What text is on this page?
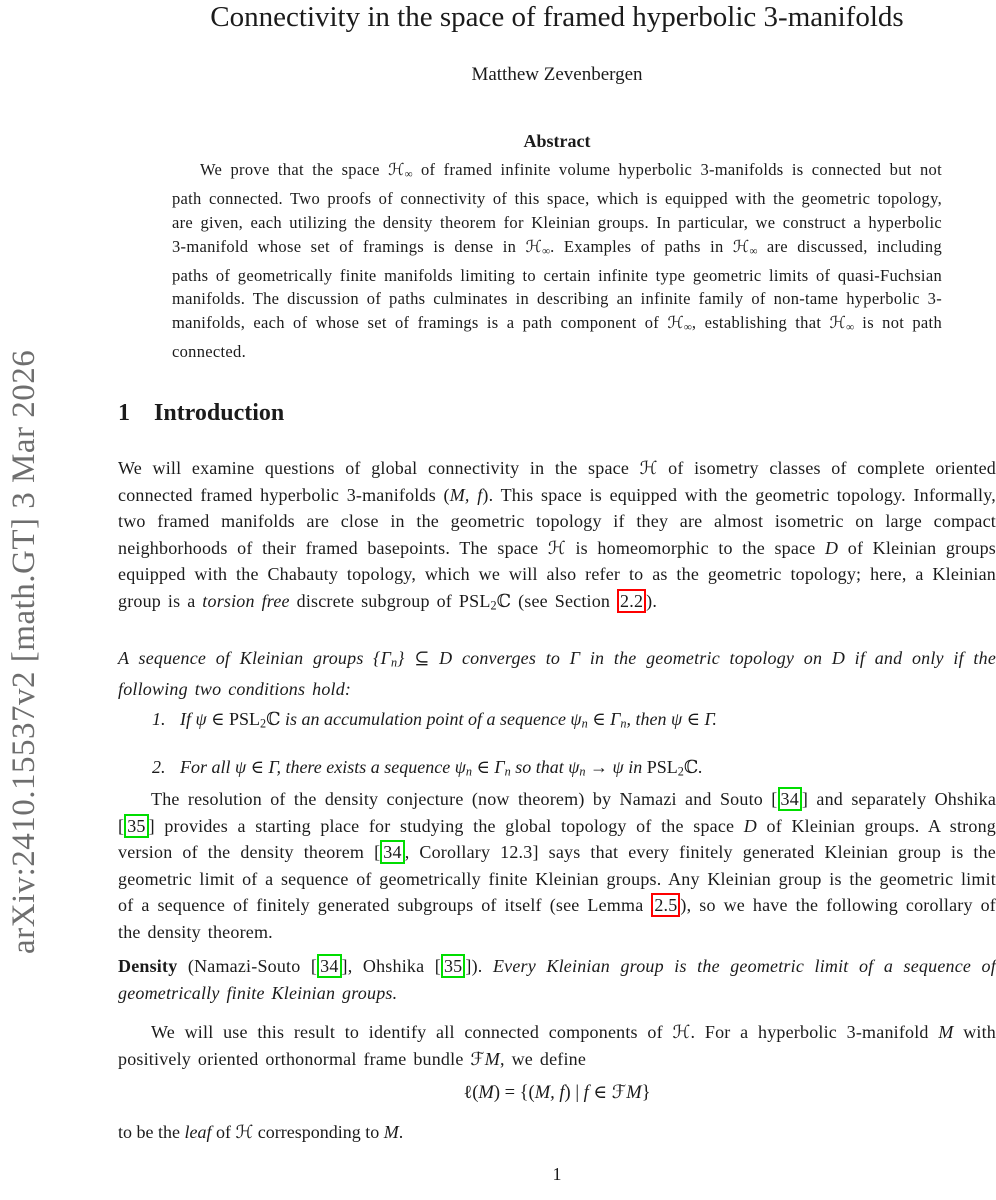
arXiv:2410.15537v2 [math.GT] 3 Mar 2026
Connectivity in the space of framed hyperbolic 3-manifolds
Matthew Zevenbergen
Abstract
We prove that the space ℋ∞ of framed infinite volume hyperbolic 3-manifolds is connected but not path connected. Two proofs of connectivity of this space, which is equipped with the geometric topology, are given, each utilizing the density theorem for Kleinian groups. In particular, we construct a hyperbolic 3-manifold whose set of framings is dense in ℋ∞. Examples of paths in ℋ∞ are discussed, including paths of geometrically finite manifolds limiting to certain infinite type geometric limits of quasi-Fuchsian manifolds. The discussion of paths culminates in describing an infinite family of non-tame hyperbolic 3-manifolds, each of whose set of framings is a path component of ℋ∞, establishing that ℋ∞ is not path connected.
1 Introduction
We will examine questions of global connectivity in the space ℋ of isometry classes of complete oriented connected framed hyperbolic 3-manifolds (M, f). This space is equipped with the geometric topology. Informally, two framed manifolds are close in the geometric topology if they are almost isometric on large compact neighborhoods of their framed basepoints. The space ℋ is homeomorphic to the space D of Kleinian groups equipped with the Chabauty topology, which we will also refer to as the geometric topology; here, a Kleinian group is a torsion free discrete subgroup of PSL2ℂ (see Section 2.2 ).
A sequence of Kleinian groups {Γn} ⊆ D converges to Γ in the geometric topology on D if and only if the following two conditions hold:
1. If ψ ∈ PSL2ℂ is an accumulation point of a sequence ψn ∈ Γn, then ψ ∈ Γ.
2. For all ψ ∈ Γ, there exists a sequence ψn ∈ Γn so that ψn → ψ in PSL2ℂ.
The resolution of the density conjecture (now theorem) by Namazi and Souto [ 34 ] and separately Ohshika [ 35 ] provides a starting place for studying the global topology of the space D of Kleinian groups. A strong version of the density theorem [ 34 , Corollary 12.3] says that every finitely generated Kleinian group is the geometric limit of a sequence of geometrically finite Kleinian groups. Any Kleinian group is the geometric limit of a sequence of finitely generated subgroups of itself (see Lemma 2.5 ), so we have the following corollary of the density theorem.
Density (Namazi-Souto [ 34 ], Ohshika [ 35 ]). Every Kleinian group is the geometric limit of a sequence of geometrically finite Kleinian groups.
We will use this result to identify all connected components of ℋ. For a hyperbolic 3-manifold M with positively oriented orthonormal frame bundle ℱM, we define
ℓ(M) = {(M, f) | f ∈ ℱM}
to be the leaf of ℋ corresponding to M.
1
